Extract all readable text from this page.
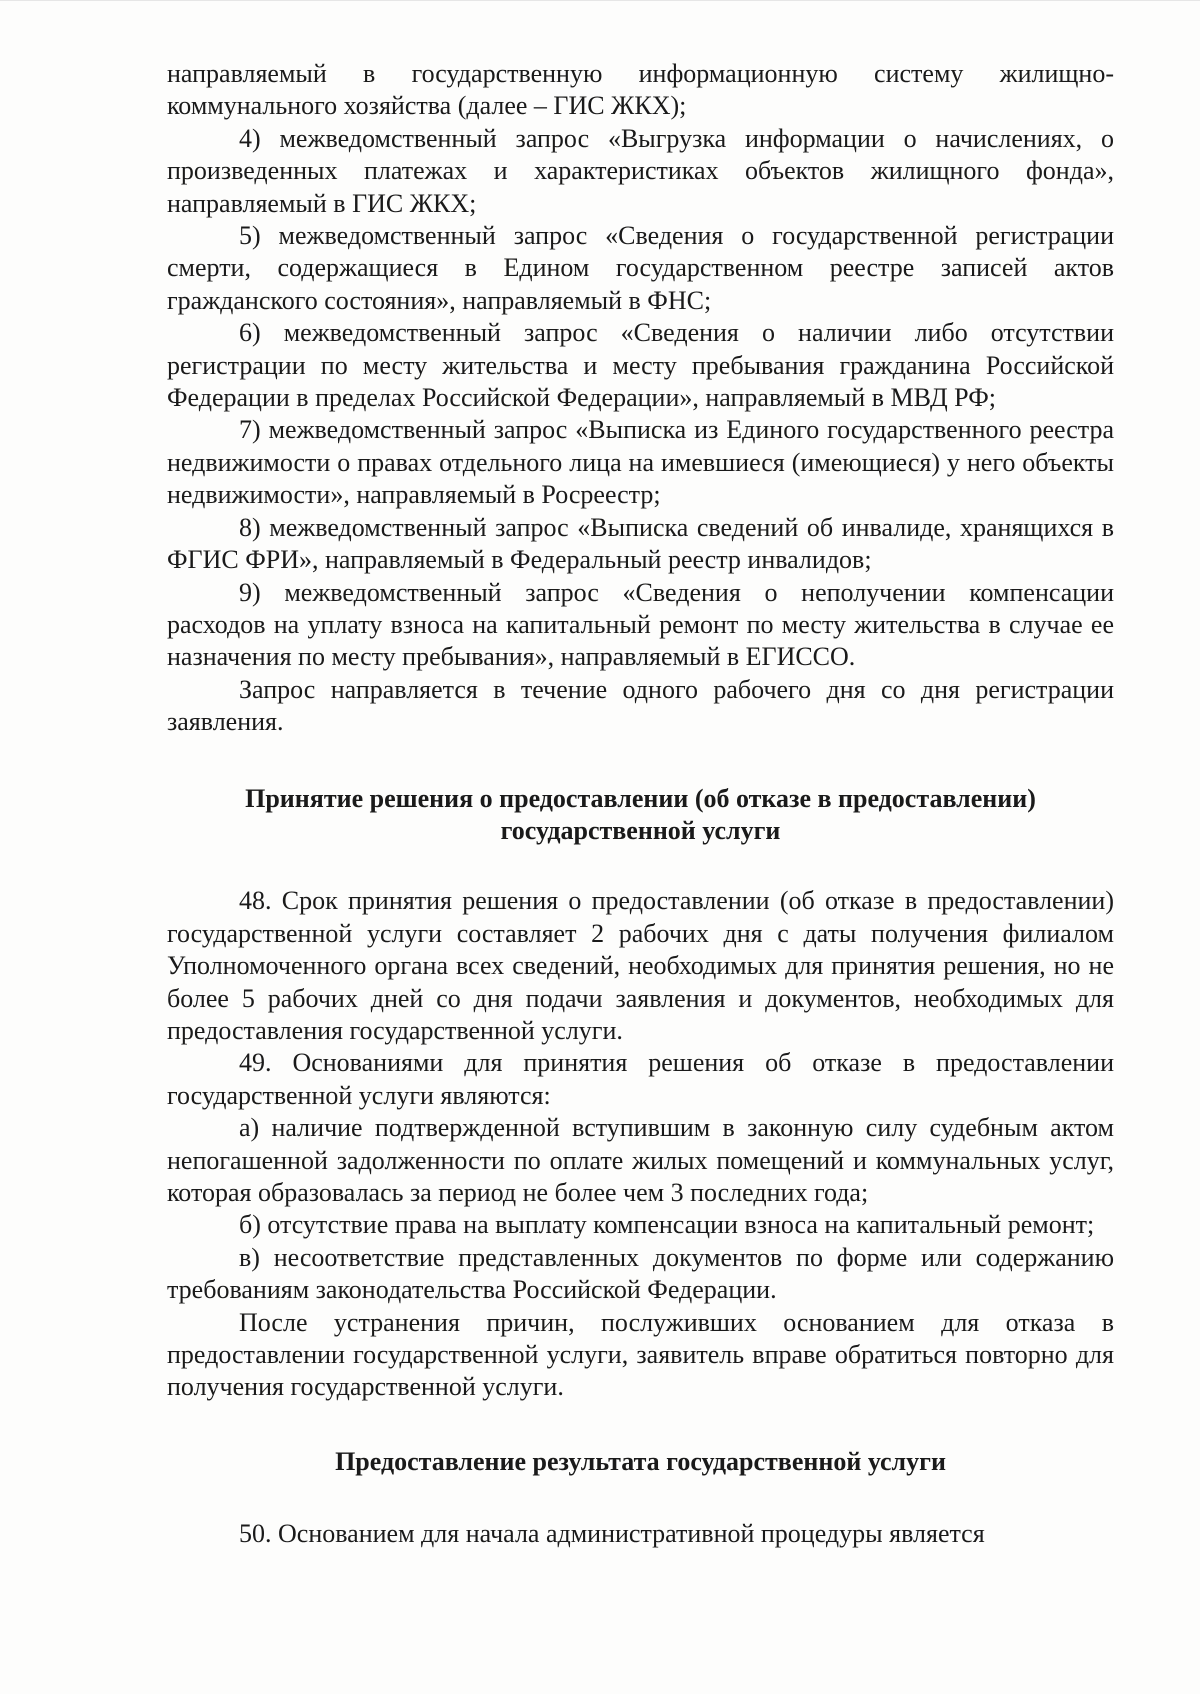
направляемый в государственную информационную систему жилищно-коммунального хозяйства (далее – ГИС ЖКХ);

4) межведомственный запрос «Выгрузка информации о начислениях, о произведенных платежах и характеристиках объектов жилищного фонда», направляемый в ГИС ЖКХ;

5) межведомственный запрос «Сведения о государственной регистрации смерти, содержащиеся в Едином государственном реестре записей актов гражданского состояния», направляемый в ФНС;

6) межведомственный запрос «Сведения о наличии либо отсутствии регистрации по месту жительства и месту пребывания гражданина Российской Федерации в пределах Российской Федерации», направляемый в МВД РФ;

7) межведомственный запрос «Выписка из Единого государственного реестра недвижимости о правах отдельного лица на имевшиеся (имеющиеся) у него объекты недвижимости», направляемый в Росреестр;

8) межведомственный запрос «Выписка сведений об инвалиде, хранящихся в ФГИС ФРИ», направляемый в Федеральный реестр инвалидов;

9) межведомственный запрос «Сведения о неполучении компенсации расходов на уплату взноса на капитальный ремонт по месту жительства в случае ее назначения по месту пребывания», направляемый в ЕГИССО.

Запрос направляется в течение одного рабочего дня со дня регистрации заявления.

Принятие решения о предоставлении (об отказе в предоставлении)
государственной услуги

48. Срок принятия решения о предоставлении (об отказе в предоставлении) государственной услуги составляет 2 рабочих дня с даты получения филиалом Уполномоченного органа всех сведений, необходимых для принятия решения, но не более 5 рабочих дней со дня подачи заявления и документов, необходимых для предоставления государственной услуги.

49. Основаниями для принятия решения об отказе в предоставлении государственной услуги являются:

а) наличие подтвержденной вступившим в законную силу судебным актом непогашенной задолженности по оплате жилых помещений и коммунальных услуг, которая образовалась за период не более чем 3 последних года;

б) отсутствие права на выплату компенсации взноса на капитальный ремонт;

в) несоответствие представленных документов по форме или содержанию требованиям законодательства Российской Федерации.

После устранения причин, послуживших основанием для отказа в предоставлении государственной услуги, заявитель вправе обратиться повторно для получения государственной услуги.

Предоставление результата государственной услуги

50. Основанием для начала административной процедуры является
